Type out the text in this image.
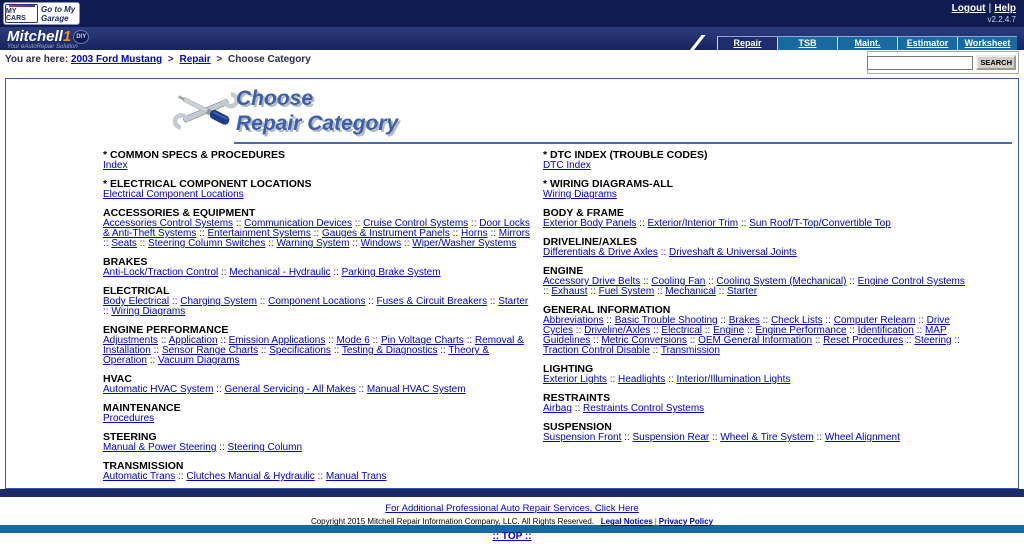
MY CARS
Go to My Garage
Logout | Help
v2.2.4.7
Mitchell1 DIY
Your eAutoRepair Solution	Repair	TSB	Maint.	Estimator	Worksheet
You are here: 2003 Ford Mustang > Repair > Choose Category	SEARCH
Choose
Repair Category
* COMMON SPECS & PROCEDURES
Index
* ELECTRICAL COMPONENT LOCATIONS
Electrical Component Locations
ACCESSORIES & EQUIPMENT
Accessories Control Systems :: Communication Devices :: Cruise Control Systems :: Door Locks & Anti-Theft Systems :: Entertainment Systems :: Gauges & Instrument Panels :: Horns :: Mirrors :: Seats :: Steering Column Switches :: Warning System :: Windows :: Wiper/Washer Systems
BRAKES
Anti-Lock/Traction Control :: Mechanical - Hydraulic :: Parking Brake System
ELECTRICAL
Body Electrical :: Charging System :: Component Locations :: Fuses & Circuit Breakers :: Starter :: Wiring Diagrams
ENGINE PERFORMANCE
Adjustments :: Application :: Emission Applications :: Mode 6 :: Pin Voltage Charts :: Removal & Installation :: Sensor Range Charts :: Specifications :: Testing & Diagnostics :: Theory & Operation :: Vacuum Diagrams
HVAC
Automatic HVAC System :: General Servicing - All Makes :: Manual HVAC System
MAINTENANCE
Procedures
STEERING
Manual & Power Steering :: Steering Column
TRANSMISSION
Automatic Trans :: Clutches Manual & Hydraulic :: Manual Trans
* DTC INDEX (TROUBLE CODES)
DTC Index
* WIRING DIAGRAMS-ALL
Wiring Diagrams
BODY & FRAME
Exterior Body Panels :: Exterior/Interior Trim :: Sun Roof/T-Top/Convertible Top
DRIVELINE/AXLES
Differentials & Drive Axles :: Driveshaft & Universal Joints
ENGINE
Accessory Drive Belts :: Cooling Fan :: Cooling System (Mechanical) :: Engine Control Systems :: Exhaust :: Fuel System :: Mechanical :: Starter
GENERAL INFORMATION
Abbreviations :: Basic Trouble Shooting :: Brakes :: Check Lists :: Computer Relearn :: Drive Cycles :: Driveline/Axles :: Electrical :: Engine :: Engine Performance :: Identification :: MAP Guidelines :: Metric Conversions :: OEM General Information :: Reset Procedures :: Steering :: Traction Control Disable :: Transmission
LIGHTING
Exterior Lights :: Headlights :: Interior/Illumination Lights
RESTRAINTS
Airbag :: Restraints Control Systems
SUSPENSION
Suspension Front :: Suspension Rear :: Wheel & Tire System :: Wheel Alignment
For Additional Professional Auto Repair Services, Click Here
Copyright 2015 Mitchell Repair Information Company, LLC. All Rights Reserved. Legal Notices | Privacy Policy
:: TOP ::
